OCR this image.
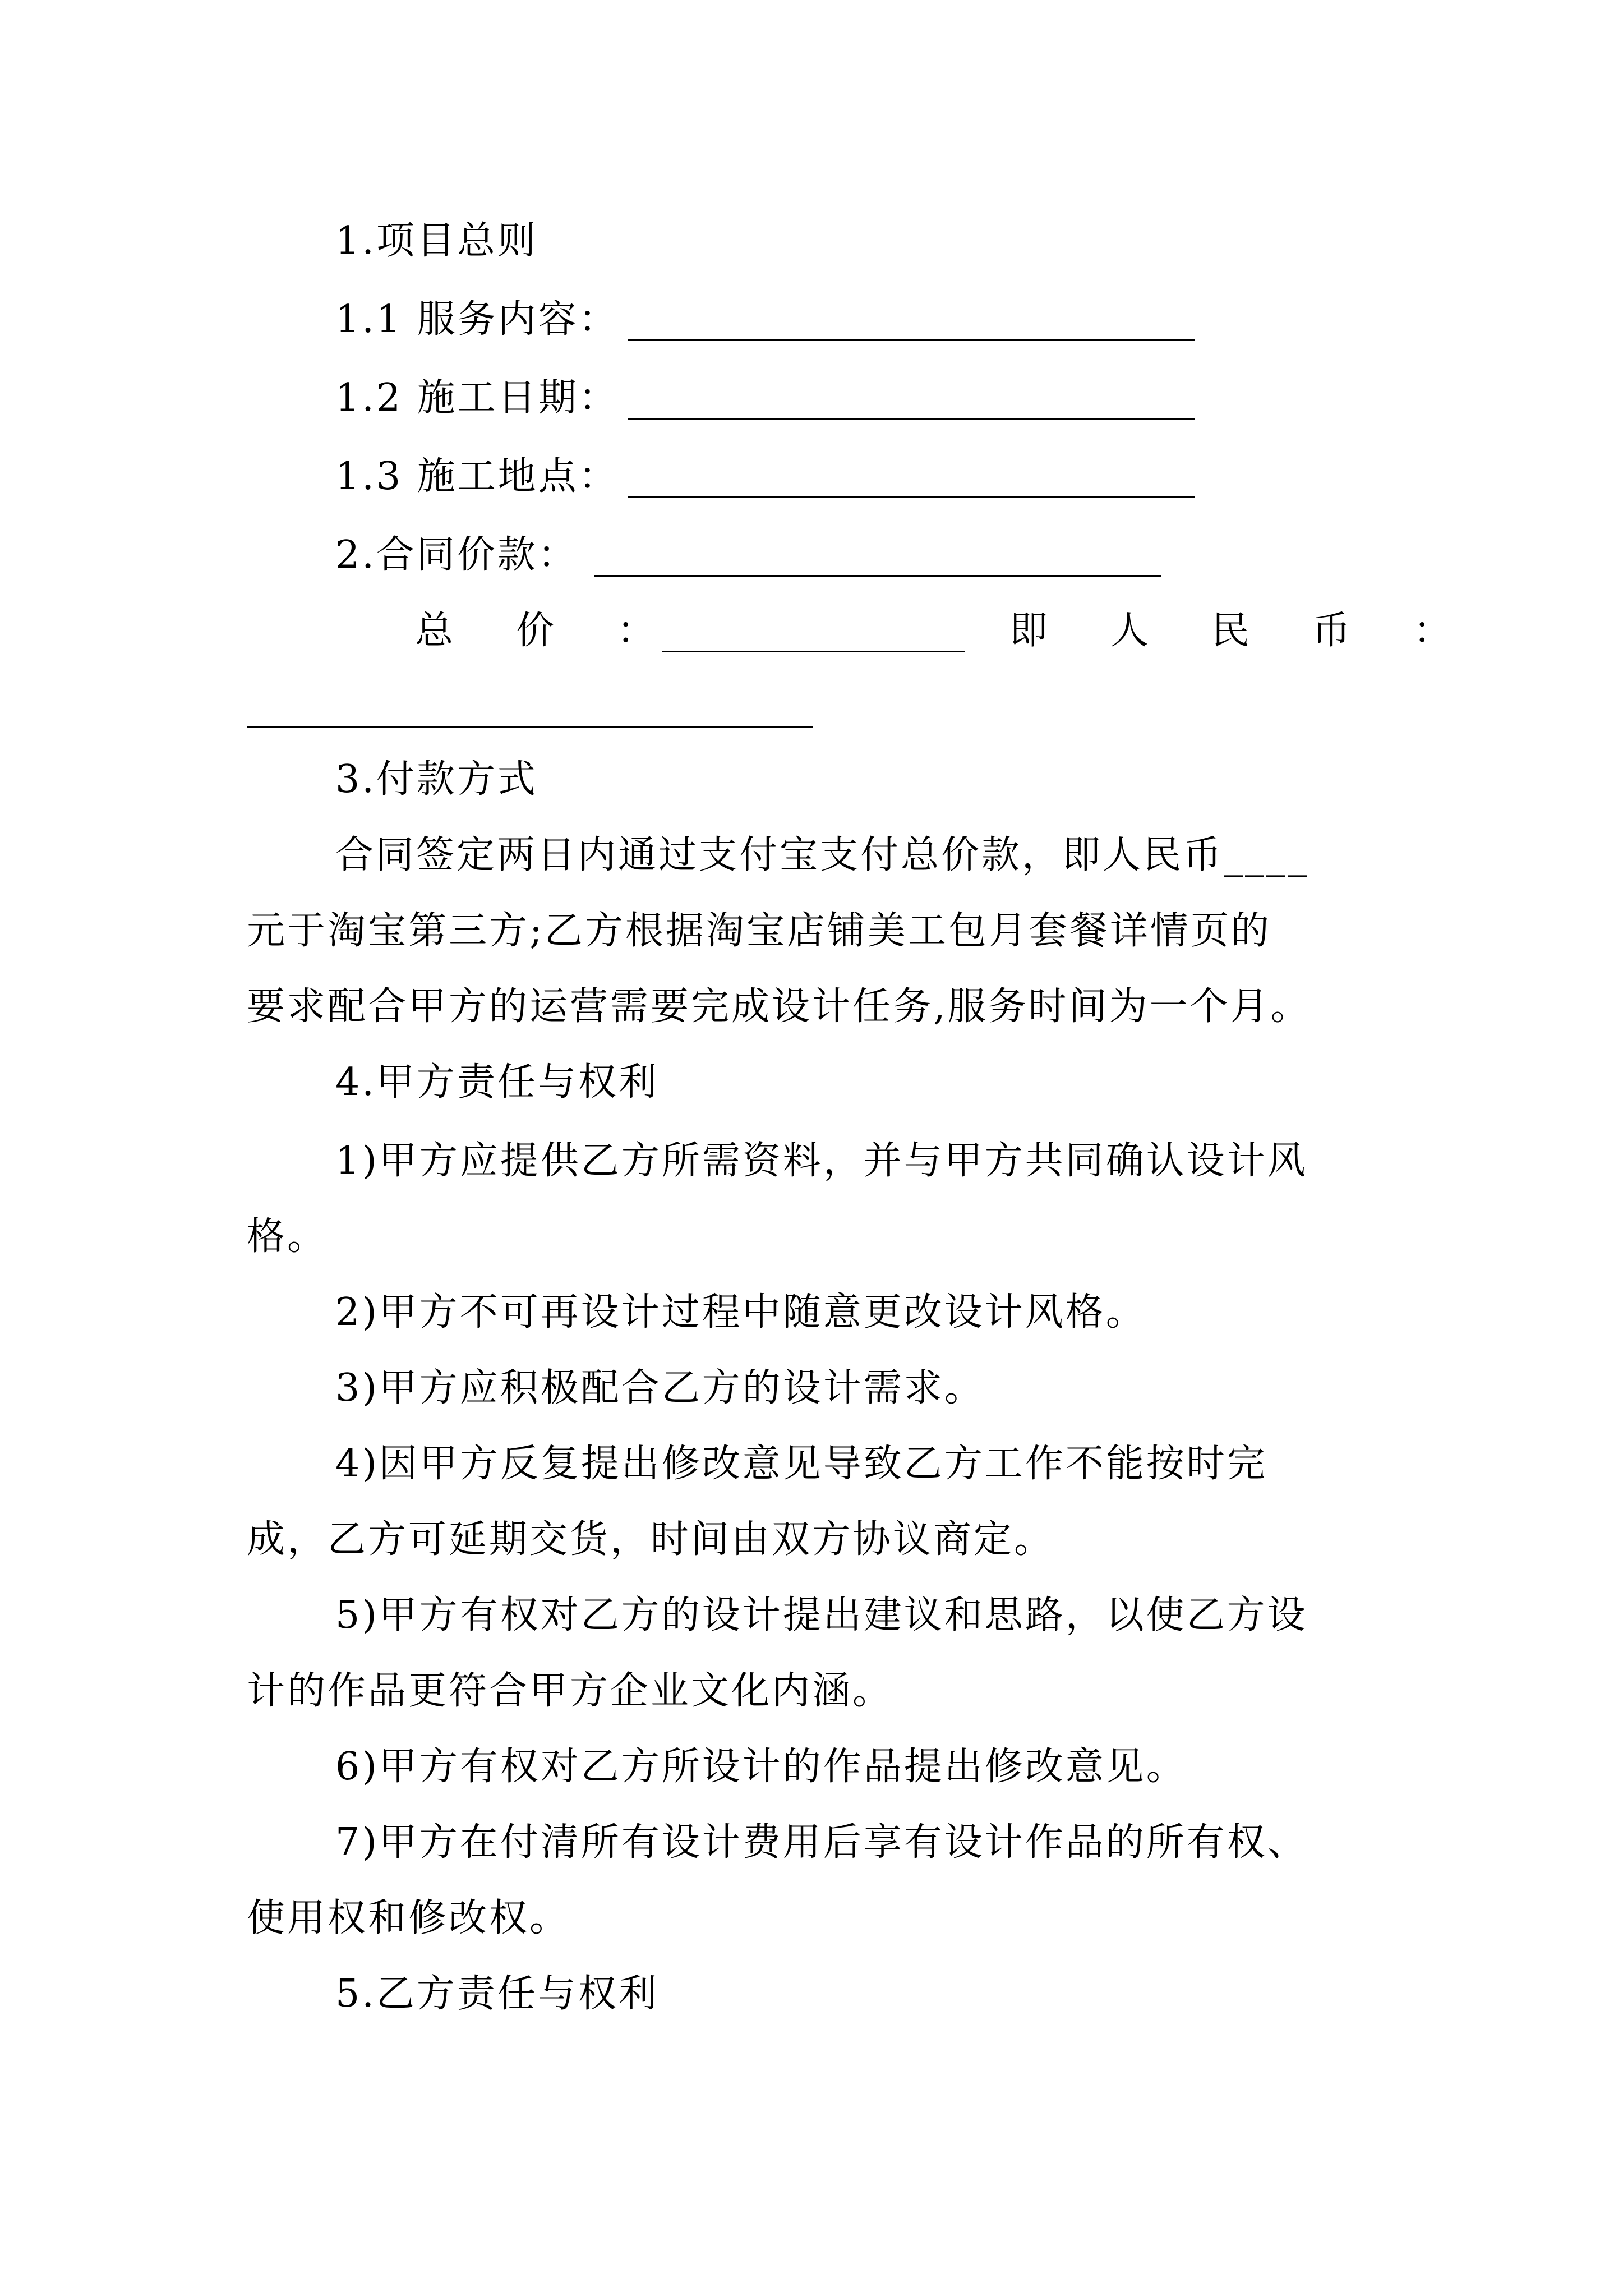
1.项目总则
1.1 服务内容：
1.2 施工日期：
1.3 施工地点：
2.合同价款：
总　价　：	即　人　民　币　：
3.付款方式
合同签定两日内通过支付宝支付总价款，即人民币____
元于淘宝第三方;乙方根据淘宝店铺美工包月套餐详情页的
要求配合甲方的运营需要完成设计任务,服务时间为一个月。
4.甲方责任与权利
1)甲方应提供乙方所需资料，并与甲方共同确认设计风
格。
2)甲方不可再设计过程中随意更改设计风格。
3)甲方应积极配合乙方的设计需求。
4)因甲方反复提出修改意见导致乙方工作不能按时完
成，乙方可延期交货，时间由双方协议商定。
5)甲方有权对乙方的设计提出建议和思路，以使乙方设
计的作品更符合甲方企业文化内涵。
6)甲方有权对乙方所设计的作品提出修改意见。
7)甲方在付清所有设计费用后享有设计作品的所有权、
使用权和修改权。
5.乙方责任与权利
